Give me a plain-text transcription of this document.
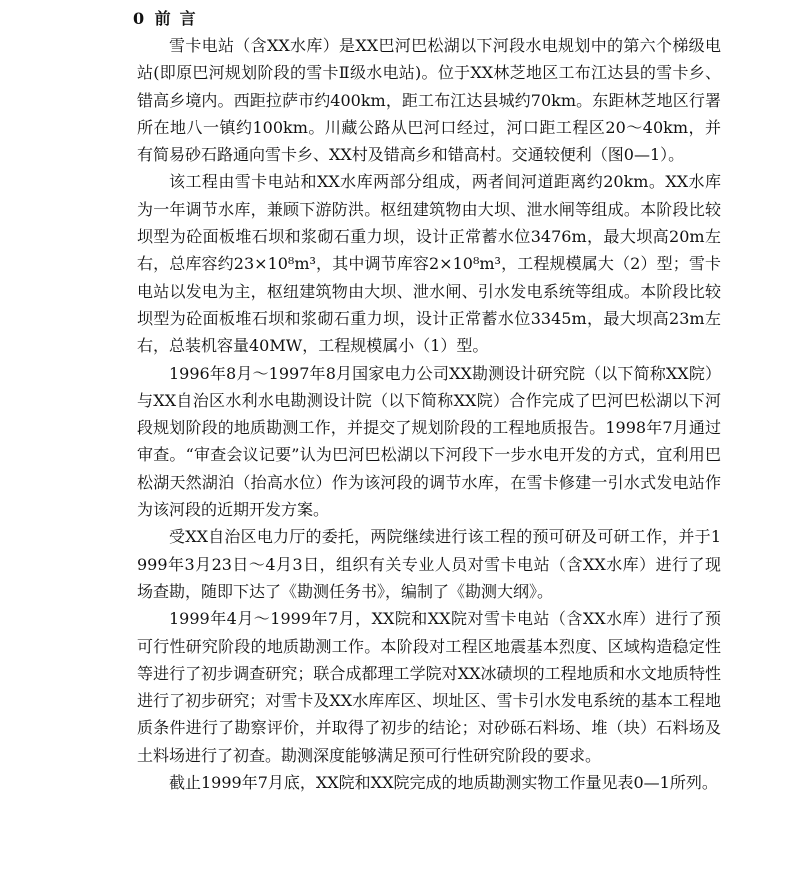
0 前言

雪卡电站（含XX水库）是XX巴河巴松湖以下河段水电规划中的第六个梯级电站(即原巴河规划阶段的雪卡Ⅱ级水电站)。位于XX林芝地区工布江达县的雪卡乡、错高乡境内。西距拉萨市约400km，距工布江达县城约70km。东距林芝地区行署所在地八一镇约100km。川藏公路从巴河口经过，河口距工程区20～40km，并有简易砂石路通向雪卡乡、XX村及错高乡和错高村。交通较便利（图0—1）。

该工程由雪卡电站和XX水库两部分组成，两者间河道距离约20km。XX水库为一年调节水库，兼顾下游防洪。枢纽建筑物由大坝、泄水闸等组成。本阶段比较坝型为砼面板堆石坝和浆砌石重力坝，设计正常蓄水位3476m，最大坝高20m左右，总库容约23×10⁸m³，其中调节库容2×10⁸m³，工程规模属大（2）型；雪卡电站以发电为主，枢纽建筑物由大坝、泄水闸、引水发电系统等组成。本阶段比较坝型为砼面板堆石坝和浆砌石重力坝，设计正常蓄水位3345m，最大坝高23m左右，总装机容量40MW，工程规模属小（1）型。

1996年8月～1997年8月国家电力公司XX勘测设计研究院（以下简称XX院）与XX自治区水利水电勘测设计院（以下简称XX院）合作完成了巴河巴松湖以下河段规划阶段的地质勘测工作，并提交了规划阶段的工程地质报告。1998年7月通过审查。“审查会议记要”认为巴河巴松湖以下河段下一步水电开发的方式，宜利用巴松湖天然湖泊（抬高水位）作为该河段的调节水库，在雪卡修建一引水式发电站作为该河段的近期开发方案。

受XX自治区电力厅的委托，两院继续进行该工程的预可研及可研工作，并于1999年3月23日～4月3日，组织有关专业人员对雪卡电站（含XX水库）进行了现场查勘，随即下达了《勘测任务书》，编制了《勘测大纲》。

1999年4月～1999年7月，XX院和XX院对雪卡电站（含XX水库）进行了预可行性研究阶段的地质勘测工作。本阶段对工程区地震基本烈度、区域构造稳定性等进行了初步调查研究；联合成都理工学院对XX冰碛坝的工程地质和水文地质特性进行了初步研究；对雪卡及XX水库库区、坝址区、雪卡引水发电系统的基本工程地质条件进行了勘察评价，并取得了初步的结论；对砂砾石料场、堆（块）石料场及土料场进行了初查。勘测深度能够满足预可行性研究阶段的要求。

截止1999年7月底，XX院和XX院完成的地质勘测实物工作量见表0—1所列。
